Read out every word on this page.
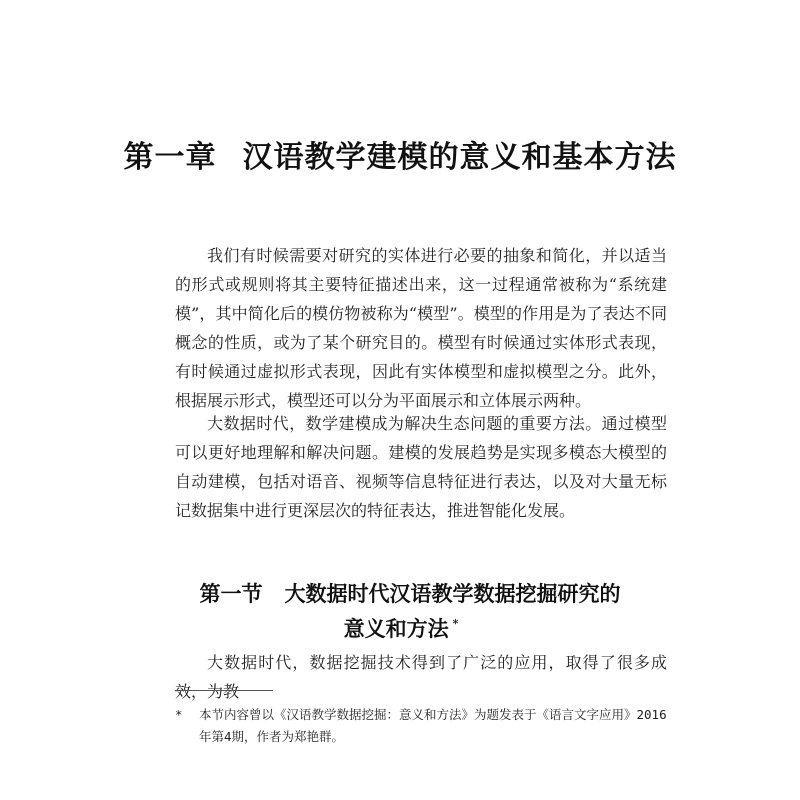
第一章 汉语教学建模的意义和基本方法

我们有时候需要对研究的实体进行必要的抽象和简化，并以适当的形式或规则将其主要特征描述出来，这一过程通常被称为“系统建模”，其中简化后的模仿物被称为“模型”。模型的作用是为了表达不同概念的性质，或为了某个研究目的。模型有时候通过实体形式表现，有时候通过虚拟形式表现，因此有实体模型和虚拟模型之分。此外，根据展示形式，模型还可以分为平面展示和立体展示两种。

大数据时代，数学建模成为解决生态问题的重要方法。通过模型可以更好地理解和解决问题。建模的发展趋势是实现多模态大模型的自动建模，包括对语音、视频等信息特征进行表达，以及对大量无标记数据集中进行更深层次的特征表达，推进智能化发展。

第一节 大数据时代汉语教学数据挖掘研究的
意义和方法 *

大数据时代，数据挖掘技术得到了广泛的应用，取得了很多成效，为教

* 本节内容曾以《汉语教学数据挖掘：意义和方法》为题发表于《语言文字应用》2016
年第4期，作者为郑艳群。
